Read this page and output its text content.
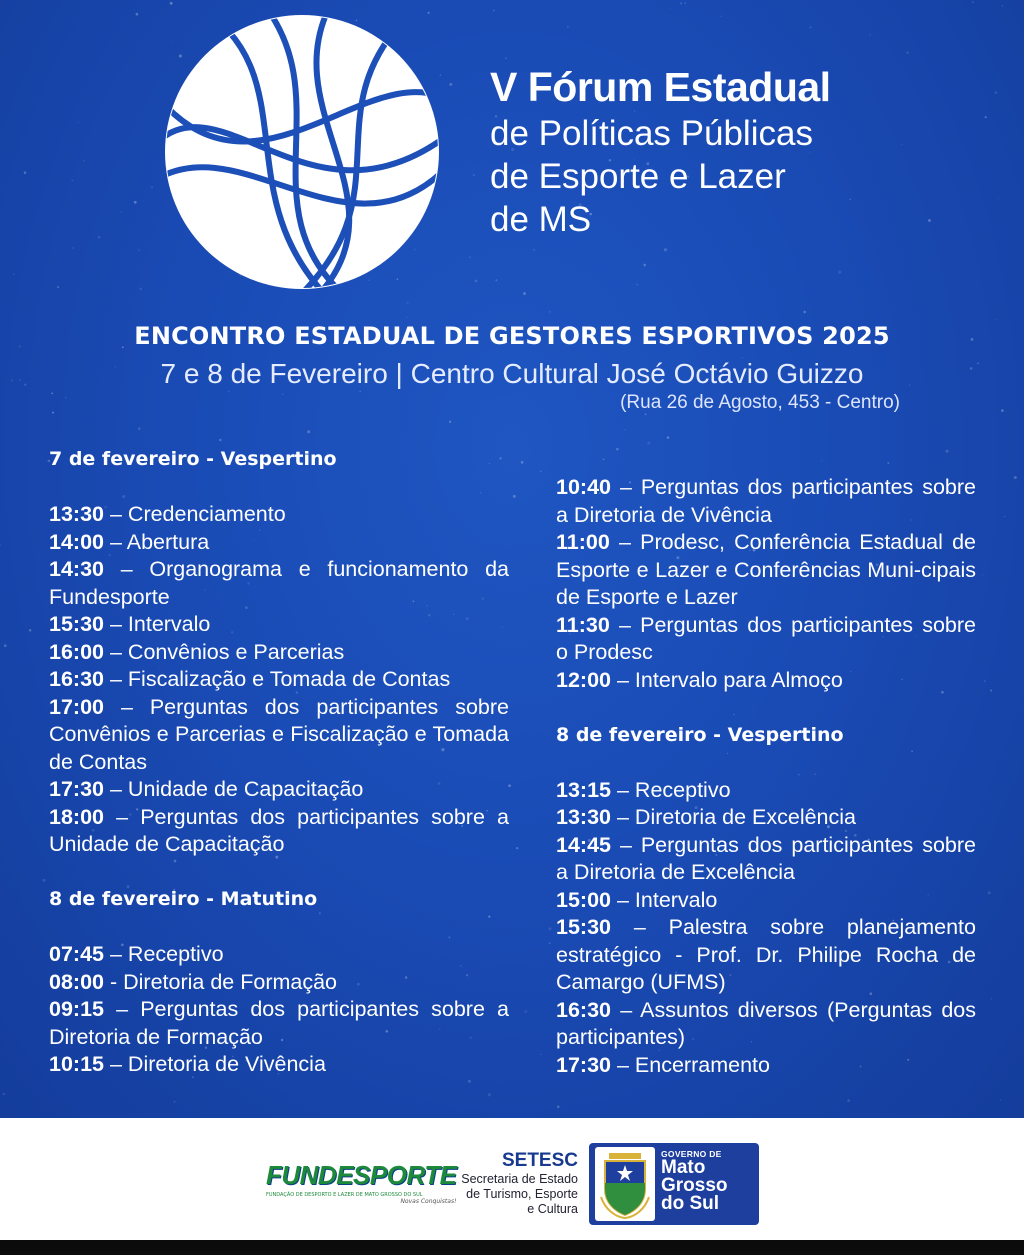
V Fórum Estadual
de Políticas Públicas
de Esporte e Lazer
de MS
ENCONTRO ESTADUAL DE GESTORES ESPORTIVOS 2025
7 e 8 de Fevereiro | Centro Cultural José Octávio Guizzo
(Rua 26 de Agosto, 453 - Centro)
7 de fevereiro - Vespertino
13:30 – Credenciamento
14:00 – Abertura
14:30 – Organograma e funcionamento da Fundesporte
15:30 – Intervalo
16:00 – Convênios e Parcerias
16:30 – Fiscalização e Tomada de Contas
17:00 – Perguntas dos participantes sobre Convênios e Parcerias e Fiscalização e Tomada de Contas
17:30 – Unidade de Capacitação
18:00 – Perguntas dos participantes sobre a Unidade de Capacitação
8 de fevereiro - Matutino
07:45 – Receptivo
08:00 - Diretoria de Formação
09:15 – Perguntas dos participantes sobre a Diretoria de Formação
10:15 – Diretoria de Vivência
10:40 – Perguntas dos participantes sobre a Diretoria de Vivência
11:00 – Prodesc, Conferência Estadual de Esporte e Lazer e Conferências Muni-cipais de Esporte e Lazer
11:30 – Perguntas dos participantes sobre o Prodesc
12:00 – Intervalo para Almoço
8 de fevereiro - Vespertino
13:15 – Receptivo
13:30 – Diretoria de Excelência
14:45 – Perguntas dos participantes sobre a Diretoria de Excelência
15:00 – Intervalo
15:30 – Palestra sobre planejamento estratégico - Prof. Dr. Philipe Rocha de Camargo (UFMS)
16:30 – Assuntos diversos (Perguntas dos participantes)
17:30 – Encerramento
FUNDESPORTE
FUNDAÇÃO DE DESPORTO E LAZER DE MATO GROSSO DO SUL
Novas Conquistas!
SETESC
Secretaria de Estado
de Turismo, Esporte
e Cultura
GOVERNO DE
Mato
Grosso
do Sul
